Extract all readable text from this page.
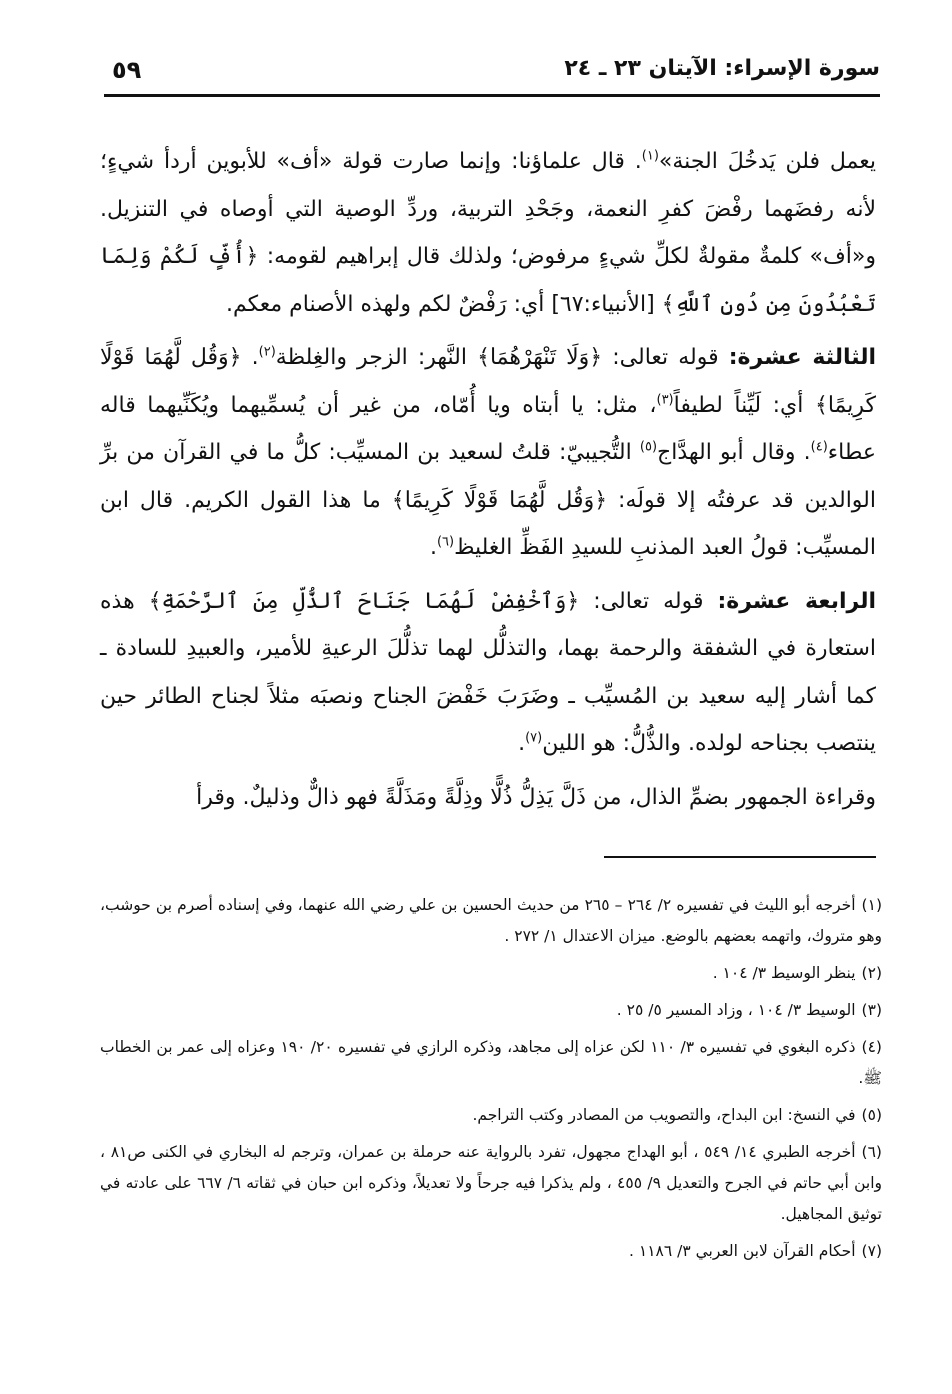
سورة الإسراء: الآيتان ٢٣ ـ ٢٤
٥٩

يعمل فلن يَدخُلَ الجنة»$^{(١)}$. قال علماؤنا: وإنما صارت قولة «أف» للأبوين أردأ شيءٍ؛ لأنه رفضَهما رفْضَ كفرِ النعمة، وجَحْدِ التربية، وردِّ الوصية التي أوصاه في التنزيل. و«أف» كلمةٌ مقولةٌ لكلِّ شيءٍ مرفوض؛ ولذلك قال إبراهيم لقومه: ﴿أُفٍّ لَكُمْ وَلِمَا تَعْبُدُونَ مِن دُونِ ٱللَّهِ﴾ [الأنبياء:٦٧] أي: رَفْضٌ لكم ولهذه الأصنام معكم.

الثالثة عشرة: قوله تعالى: ﴿وَلَا تَنْهَرْهُمَا﴾ النَّهر: الزجر والغِلظة$^{(٢)}$. ﴿وَقُل لَّهُمَا قَوْلًا كَرِيمًا﴾ أي: لَيِّناً لطيفاً$^{(٣)}$، مثل: يا أبتاه ويا أُمّاه، من غير أن يُسمِّيهما ويُكَنِّيهما قاله عطاء$^{(٤)}$. وقال أبو الهدَّاج$^{(٥)}$ التُّجيبيّ: قلتُ لسعيد بن المسيِّب: كلُّ ما في القرآن من برِّ الوالدين قد عرفتُه إلا قولَه: ﴿وَقُل لَّهُمَا قَوْلًا كَرِيمًا﴾ ما هذا القول الكريم. قال ابن المسيِّب: قولُ العبد المذنبِ للسيدِ الفَظِّ الغليظ$^{(٦)}$.

الرابعة عشرة: قوله تعالى: ﴿وَٱخْفِضْ لَهُمَا جَنَاحَ ٱلذُّلِّ مِنَ ٱلرَّحْمَةِ﴾ هذه استعارة في الشفقة والرحمة بهما، والتذلُّل لهما تذلُّلَ الرعيةِ للأمير، والعبيدِ للسادة ـ كما أشار إليه سعيد بن المُسيِّب ـ وضَرَبَ خَفْضَ الجناح ونصبَه مثلاً لجناح الطائر حين ينتصب بجناحه لولده. والذُّلُّ: هو اللين$^{(٧)}$.

وقراءة الجمهور بضمِّ الذال، من ذَلَّ يَذِلُّ ذُلًّا وذِلَّةً ومَذَلَّةً فهو ذالٌّ وذليلٌ. وقرأ

(١)أخرجه أبو الليث في تفسيره ٢/ ٢٦٤ – ٢٦٥ من حديث الحسين بن علي رضي الله عنهما، وفي إسناده أصرم بن حوشب، وهو متروك، واتهمه بعضهم بالوضع. ميزان الاعتدال ١/ ٢٧٢ .

(٢)ينظر الوسيط ٣/ ١٠٤ .

(٣)الوسيط ٣/ ١٠٤ ، وزاد المسير ٥/ ٢٥ .

(٤)ذكره البغوي في تفسيره ٣/ ١١٠ لكن عزاه إلى مجاهد، وذكره الرازي في تفسيره ٢٠/ ١٩٠ وعزاه إلى عمر بن الخطاب ﷺ.

(٥)في النسخ: ابن البداح، والتصويب من المصادر وكتب التراجم.

(٦)أخرجه الطبري ١٤/ ٥٤٩ ، أبو الهداج مجهول، تفرد بالرواية عنه حرملة بن عمران، وترجم له البخاري في الكنى ص٨١ ، وابن أبي حاتم في الجرح والتعديل ٩/ ٤٥٥ ، ولم يذكرا فيه جرحاً ولا تعديلاً، وذكره ابن حبان في ثقاته ٦/ ٦٦٧ على عادته في توثيق المجاهيل.

(٧)أحكام القرآن لابن العربي ٣/ ١١٨٦ .
